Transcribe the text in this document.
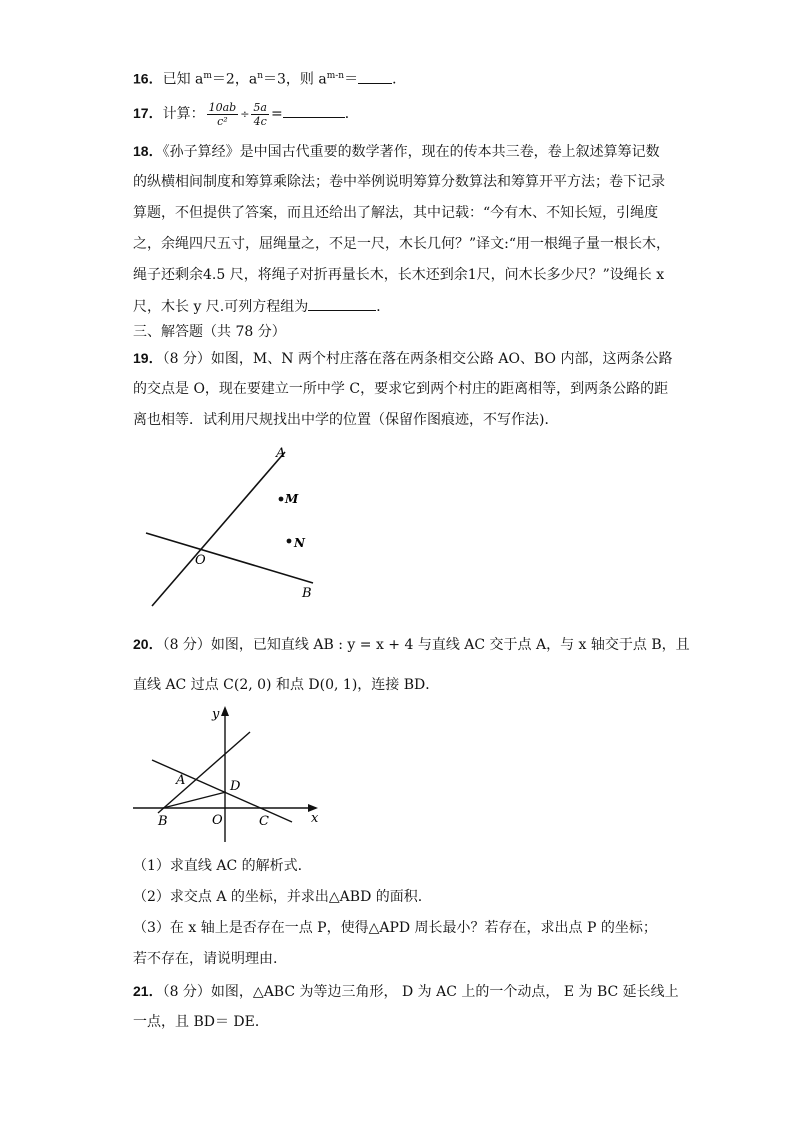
16．已知 $a^m=2$，$a^n=3$，则 $a^{m-n}=$ ．
17．计算： $\frac{10ab}{\text{c²}} \div \frac{5a}{4c}$ =	．
18．《孙子算经》是中国古代重要的数学著作，现在的传本共三卷，卷上叙述算筹记数
的纵横相间制度和筹算乘除法；卷中举例说明筹算分数算法和筹算开平方法；卷下记录
算题，不但提供了答案，而且还给出了解法，其中记载：“今有木、不知长短，引绳度
之，余绳四尺五寸，屈绳量之，不足一尺，木长几何？”译文:“用一根绳子量一根长木，
绳子还剩余4.5 尺，将绳子对折再量长木，长木还到余1尺，问木长多少尺？”设绳长 x
尺，木长 y 尺.可列方程组为	．
三、解答题（共 78 分）
19．（8 分）如图，M、N 两个村庄落在落在两条相交公路 AO、BO 内部，这两条公路
的交点是 O，现在要建立一所中学 C，要求它到两个村庄的距离相等，到两条公路的距
离也相等．试利用尺规找出中学的位置（保留作图痕迹，不写作法)．
A
M
N
O
B
20．（8 分）如图，已知直线 AB : y = x + 4 与直线 AC 交于点 A，与 x 轴交于点 B，且
直线 AC 过点 C(2, 0) 和点 D(0, 1)，连接 BD．
y
x
A	D
B	O	C
（1）求直线 AC 的解析式.
（2）求交点 A 的坐标，并求出△ABD 的面积.
（3）在 x 轴上是否存在一点 P，使得△APD 周长最小？若存在，求出点 P 的坐标；
若不存在，请说明理由.
21．（8 分）如图，△ABC 为等边三角形， D 为 AC 上的一个动点， E 为 BC 延长线上
一点，且 BD＝ DE．
